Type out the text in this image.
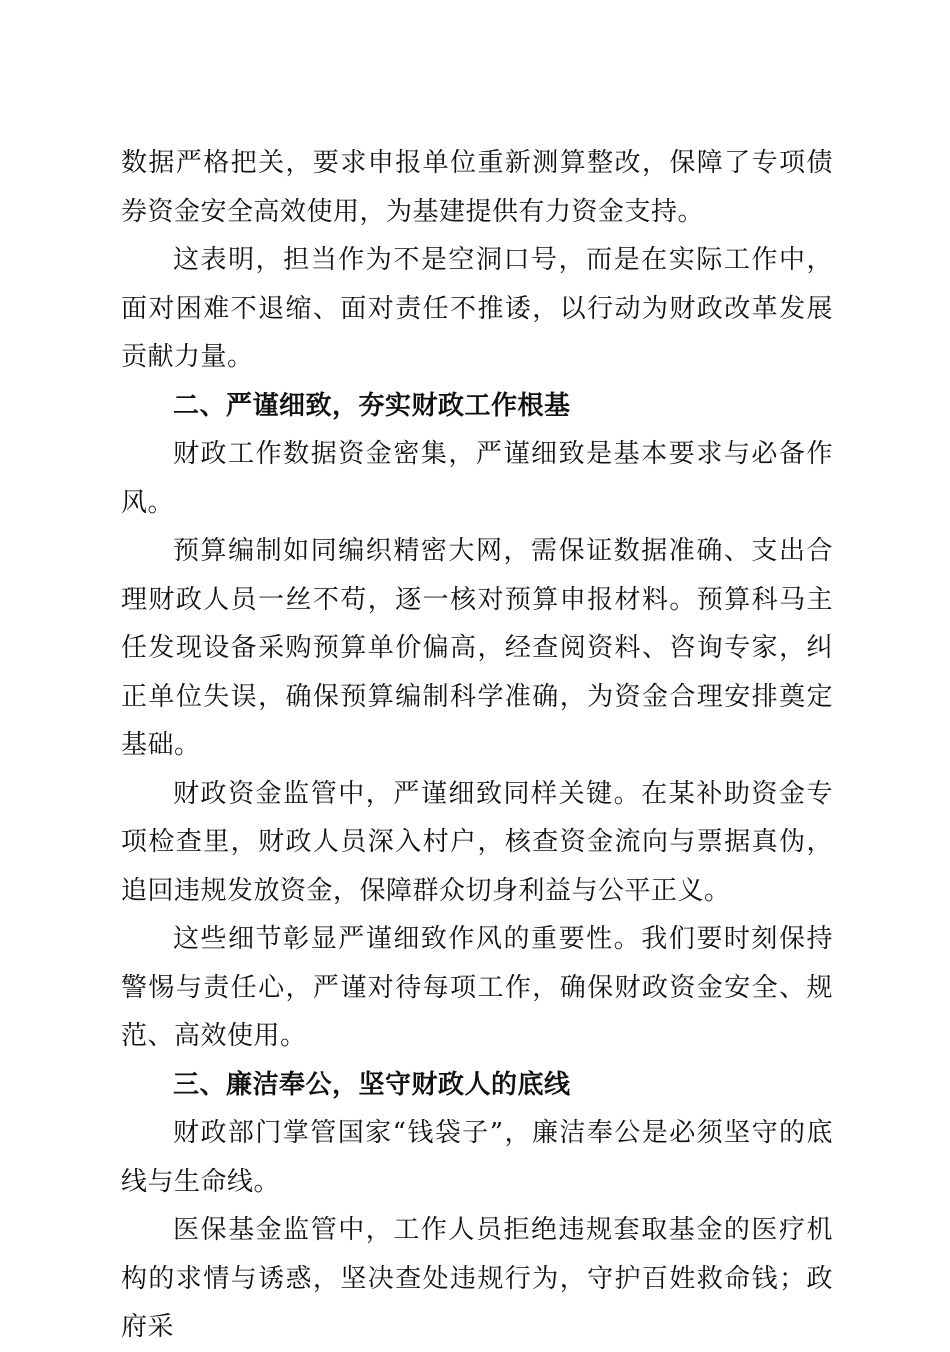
数据严格把关，要求申报单位重新测算整改，保障了专项债券资金安全高效使用，为基建提供有力资金支持。

这表明，担当作为不是空洞口号，而是在实际工作中，面对困难不退缩、面对责任不推诿，以行动为财政改革发展贡献力量。

二、严谨细致，夯实财政工作根基

财政工作数据资金密集，严谨细致是基本要求与必备作风。

预算编制如同编织精密大网，需保证数据准确、支出合理财政人员一丝不苟，逐一核对预算申报材料。预算科马主任发现设备采购预算单价偏高，经查阅资料、咨询专家，纠正单位失误，确保预算编制科学准确，为资金合理安排奠定基础。

财政资金监管中，严谨细致同样关键。在某补助资金专项检查里，财政人员深入村户，核查资金流向与票据真伪，追回违规发放资金，保障群众切身利益与公平正义。

这些细节彰显严谨细致作风的重要性。我们要时刻保持警惕与责任心，严谨对待每项工作，确保财政资金安全、规范、高效使用。

三、廉洁奉公，坚守财政人的底线

财政部门掌管国家“钱袋子”，廉洁奉公是必须坚守的底线与生命线。

医保基金监管中，工作人员拒绝违规套取基金的医疗机构的求情与诱惑，坚决查处违规行为，守护百姓救命钱；政府采
